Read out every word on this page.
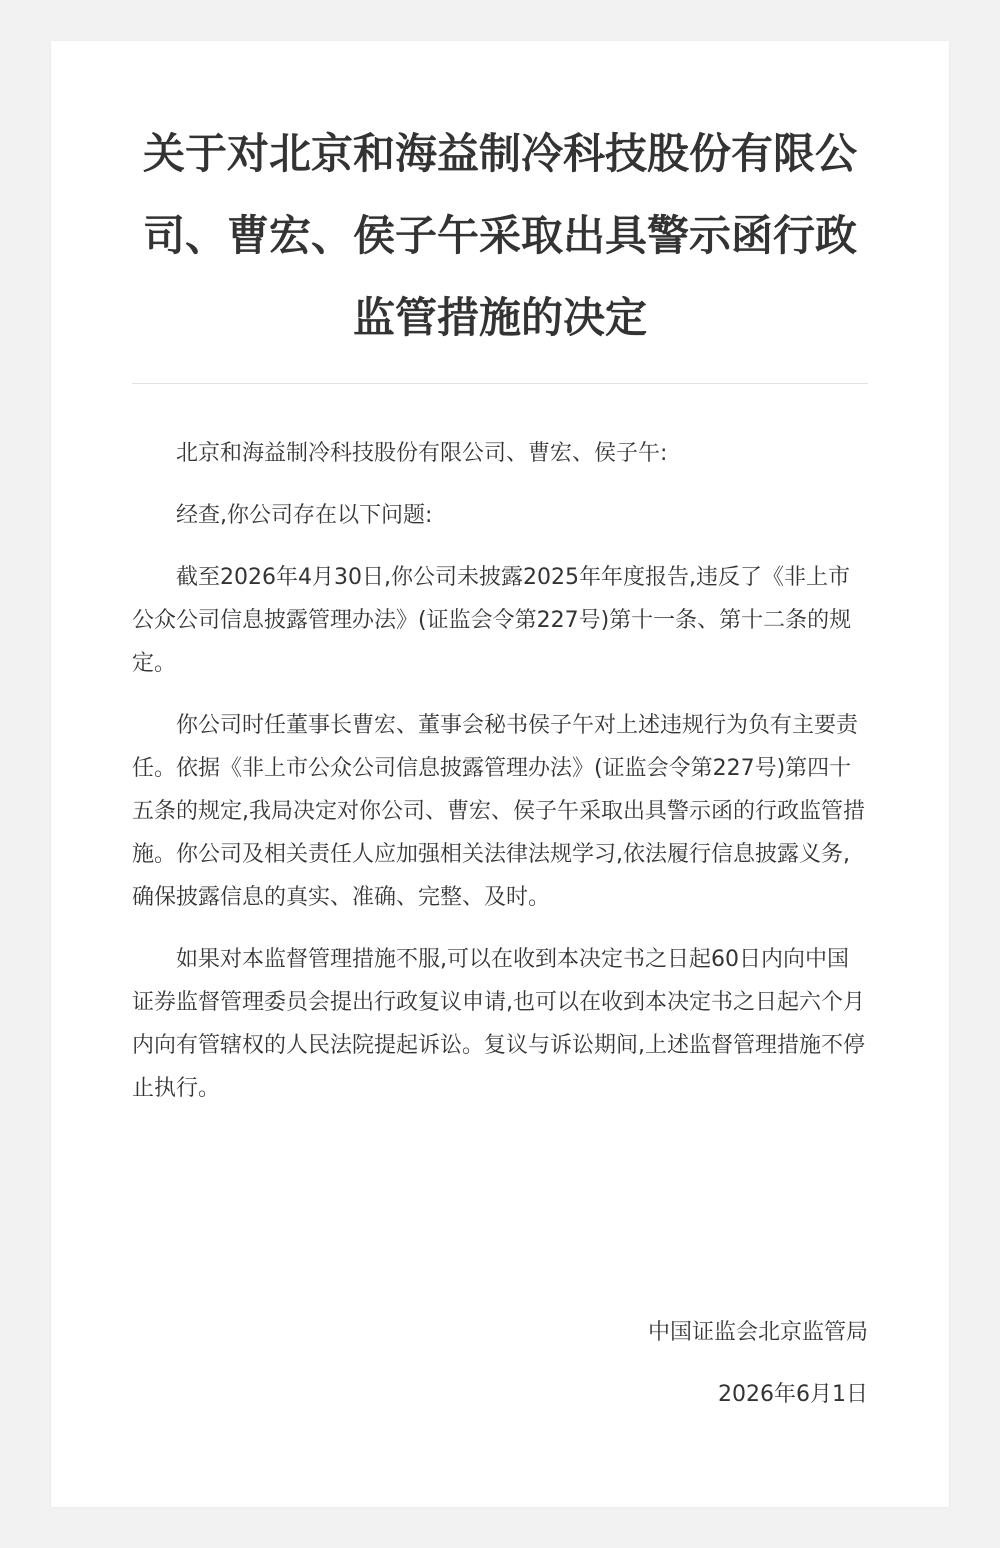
关于对北京和海益制冷科技股份有限公司、曹宏、侯子午采取出具警示函行政监管措施的决定

北京和海益制冷科技股份有限公司、曹宏、侯子午:

经查,你公司存在以下问题:

截至2026年4月30日,你公司未披露2025年年度报告,违反了《非上市公众公司信息披露管理办法》(证监会令第227号)第十一条、第十二条的规定。

你公司时任董事长曹宏、董事会秘书侯子午对上述违规行为负有主要责任。依据《非上市公众公司信息披露管理办法》(证监会令第227号)第四十五条的规定,我局决定对你公司、曹宏、侯子午采取出具警示函的行政监管措施。你公司及相关责任人应加强相关法律法规学习,依法履行信息披露义务,确保披露信息的真实、准确、完整、及时。

如果对本监督管理措施不服,可以在收到本决定书之日起60日内向中国证券监督管理委员会提出行政复议申请,也可以在收到本决定书之日起六个月内向有管辖权的人民法院提起诉讼。复议与诉讼期间,上述监督管理措施不停止执行。

中国证监会北京监管局
2026年6月1日
